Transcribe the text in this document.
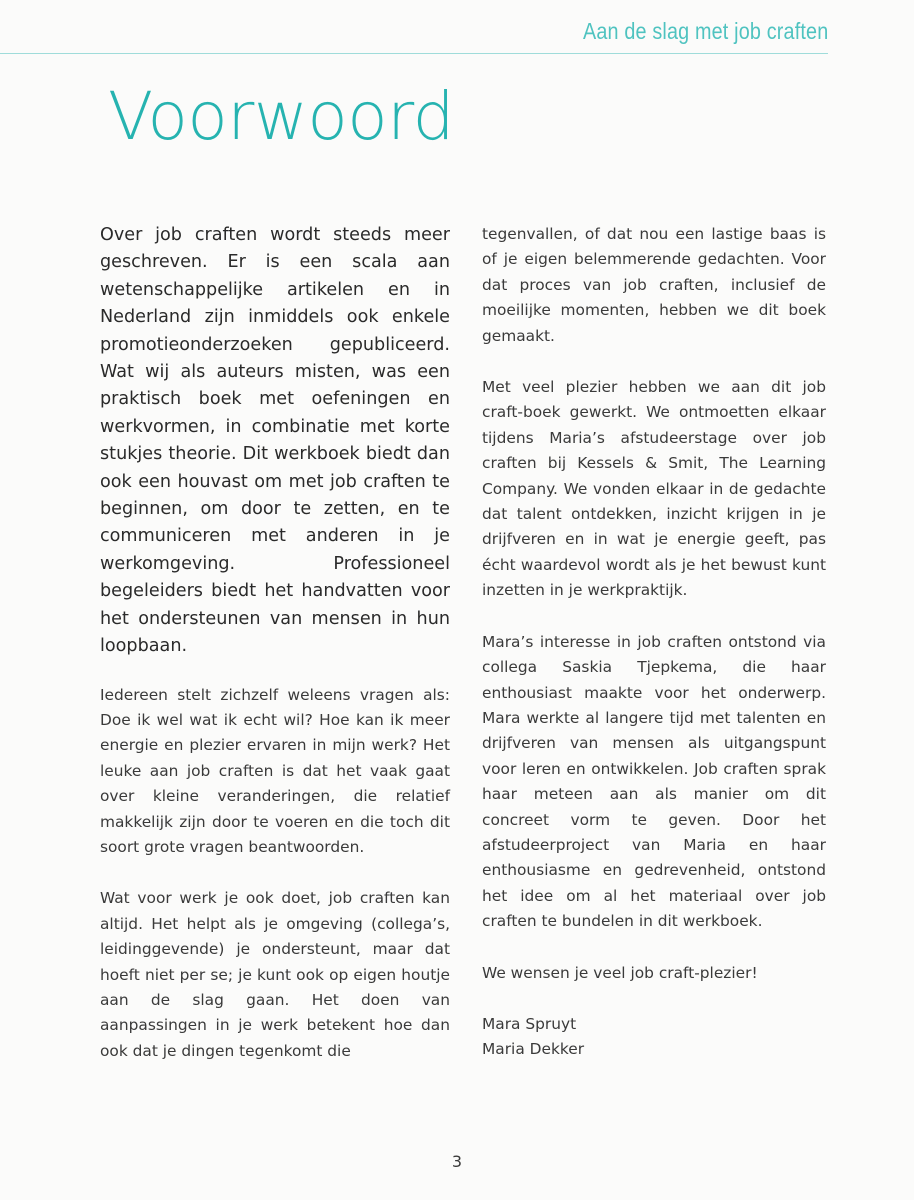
Aan de slag met job craften
Voorwoord

Over job craften wordt steeds meer geschreven. Er is een scala aan wetenschappelijke artikelen en in Nederland zijn inmiddels ook enkele promotieonderzoeken gepubliceerd. Wat wij als auteurs misten, was een praktisch boek met oefeningen en werkvormen, in combinatie met korte stukjes theorie. Dit werkboek biedt dan ook een houvast om met job craften te beginnen, om door te zetten, en te communiceren met anderen in je werkomgeving. Professioneel begeleiders biedt het handvatten voor het ondersteunen van mensen in hun loopbaan.

Iedereen stelt zichzelf weleens vragen als: Doe ik wel wat ik echt wil? Hoe kan ik meer energie en plezier ervaren in mijn werk? Het leuke aan job craften is dat het vaak gaat over kleine veranderingen, die relatief makkelijk zijn door te voeren en die toch dit soort grote vragen beantwoorden.

Wat voor werk je ook doet, job craften kan altijd. Het helpt als je omgeving (collega’s, leidinggevende) je ondersteunt, maar dat hoeft niet per se; je kunt ook op eigen houtje aan de slag gaan. Het doen van aanpassingen in je werk betekent hoe dan ook dat je dingen tegenkomt die

tegenvallen, of dat nou een lastige baas is of je eigen belemmerende gedachten. Voor dat proces van job craften, inclusief de moeilijke momenten, hebben we dit boek gemaakt.

Met veel plezier hebben we aan dit job craft-boek gewerkt. We ontmoetten elkaar tijdens Maria’s afstudeerstage over job craften bij Kessels & Smit, The Learning Company. We vonden elkaar in de gedachte dat talent ontdekken, inzicht krijgen in je drijfveren en in wat je energie geeft, pas écht waardevol wordt als je het bewust kunt inzetten in je werkpraktijk.

Mara’s interesse in job craften ontstond via collega Saskia Tjepkema, die haar enthousiast maakte voor het onderwerp. Mara werkte al langere tijd met talenten en drijfveren van mensen als uitgangspunt voor leren en ontwikkelen. Job craften sprak haar meteen aan als manier om dit concreet vorm te geven. Door het afstudeerproject van Maria en haar enthousiasme en gedrevenheid, ontstond het idee om al het materiaal over job craften te bundelen in dit werkboek.

We wensen je veel job craft-plezier!

Mara Spruyt

Maria Dekker

3
